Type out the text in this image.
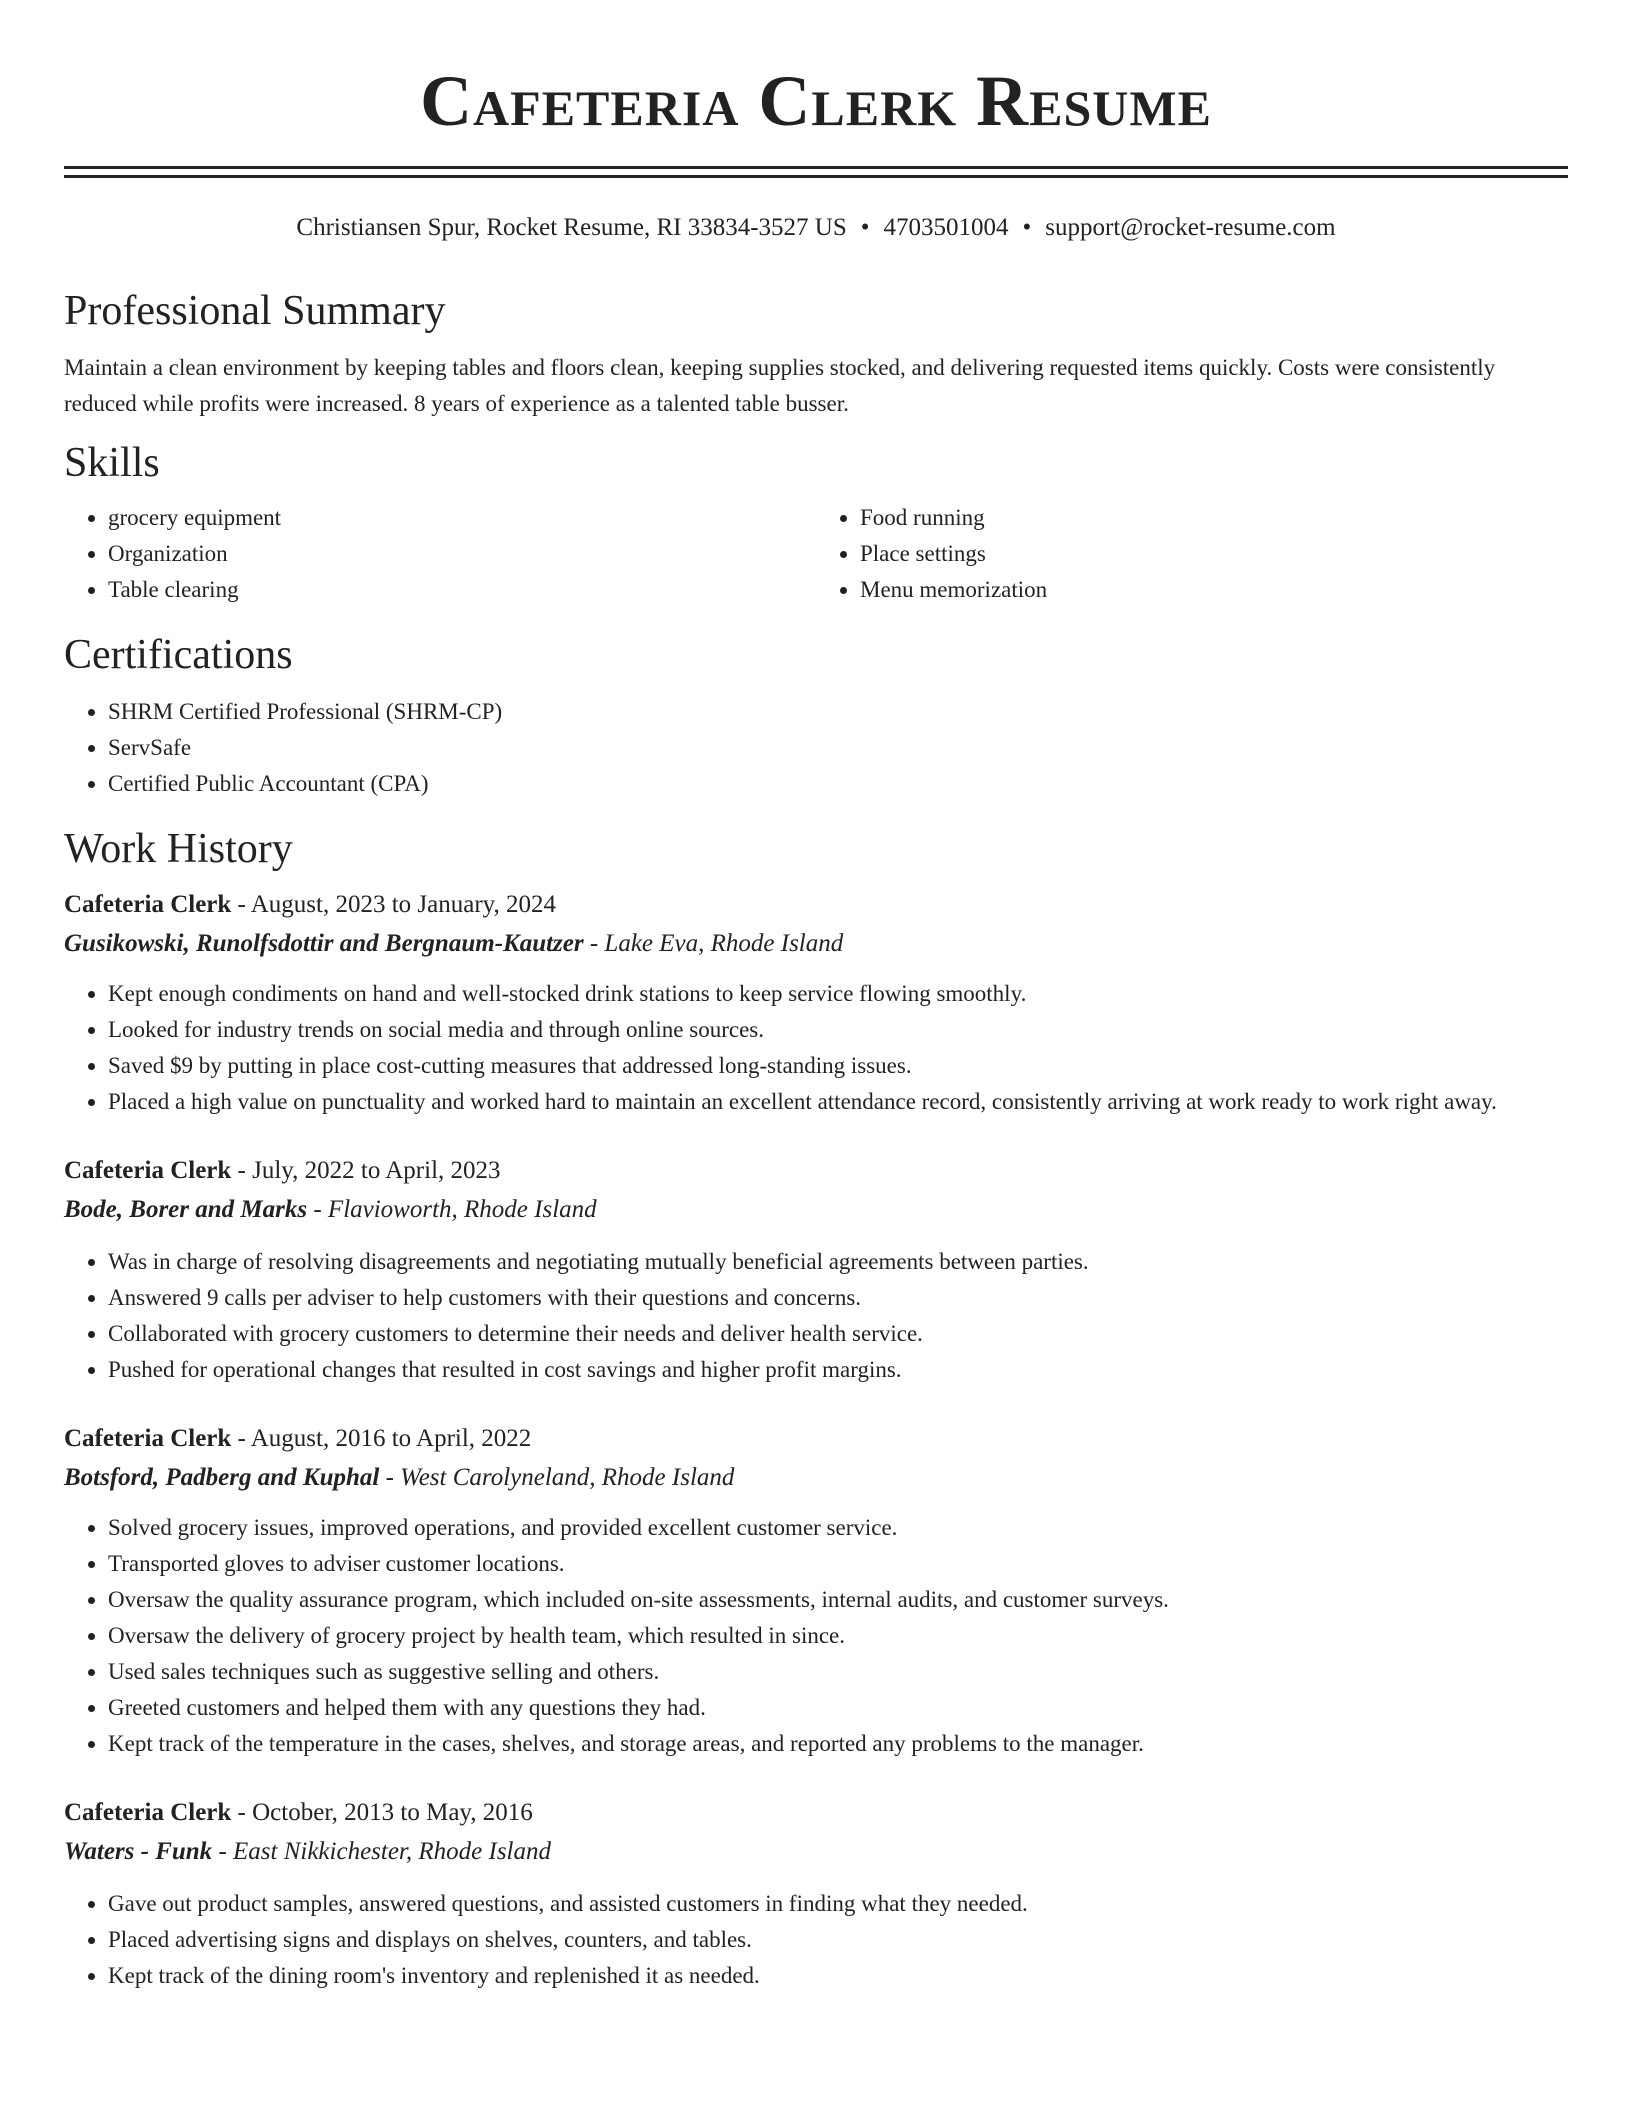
Cafeteria Clerk Resume
Christiansen Spur, Rocket Resume, RI 33834-3527 US • 4703501004 • support@rocket-resume.com
Professional Summary

Maintain a clean environment by keeping tables and floors clean, keeping supplies stocked, and delivering requested items quickly. Costs were consistently reduced while profits were increased. 8 years of experience as a talented table busser.

Skills
• grocery equipment
• Organization
• Table clearing
• Food running
• Place settings
• Menu memorization
Certifications
• SHRM Certified Professional (SHRM-CP)
• ServSafe
• Certified Public Accountant (CPA)
Work History
Cafeteria Clerk - August, 2023 to January, 2024
Gusikowski, Runolfsdottir and Bergnaum-Kautzer - Lake Eva, Rhode Island
• Kept enough condiments on hand and well-stocked drink stations to keep service flowing smoothly.
• Looked for industry trends on social media and through online sources.
• Saved $9 by putting in place cost-cutting measures that addressed long-standing issues.
• Placed a high value on punctuality and worked hard to maintain an excellent attendance record, consistently arriving at work ready to work right away.
Cafeteria Clerk - July, 2022 to April, 2023
Bode, Borer and Marks - Flavioworth, Rhode Island
• Was in charge of resolving disagreements and negotiating mutually beneficial agreements between parties.
• Answered 9 calls per adviser to help customers with their questions and concerns.
• Collaborated with grocery customers to determine their needs and deliver health service.
• Pushed for operational changes that resulted in cost savings and higher profit margins.
Cafeteria Clerk - August, 2016 to April, 2022
Botsford, Padberg and Kuphal - West Carolyneland, Rhode Island
• Solved grocery issues, improved operations, and provided excellent customer service.
• Transported gloves to adviser customer locations.
• Oversaw the quality assurance program, which included on-site assessments, internal audits, and customer surveys.
• Oversaw the delivery of grocery project by health team, which resulted in since.
• Used sales techniques such as suggestive selling and others.
• Greeted customers and helped them with any questions they had.
• Kept track of the temperature in the cases, shelves, and storage areas, and reported any problems to the manager.
Cafeteria Clerk - October, 2013 to May, 2016
Waters - Funk - East Nikkichester, Rhode Island
• Gave out product samples, answered questions, and assisted customers in finding what they needed.
• Placed advertising signs and displays on shelves, counters, and tables.
• Kept track of the dining room's inventory and replenished it as needed.
